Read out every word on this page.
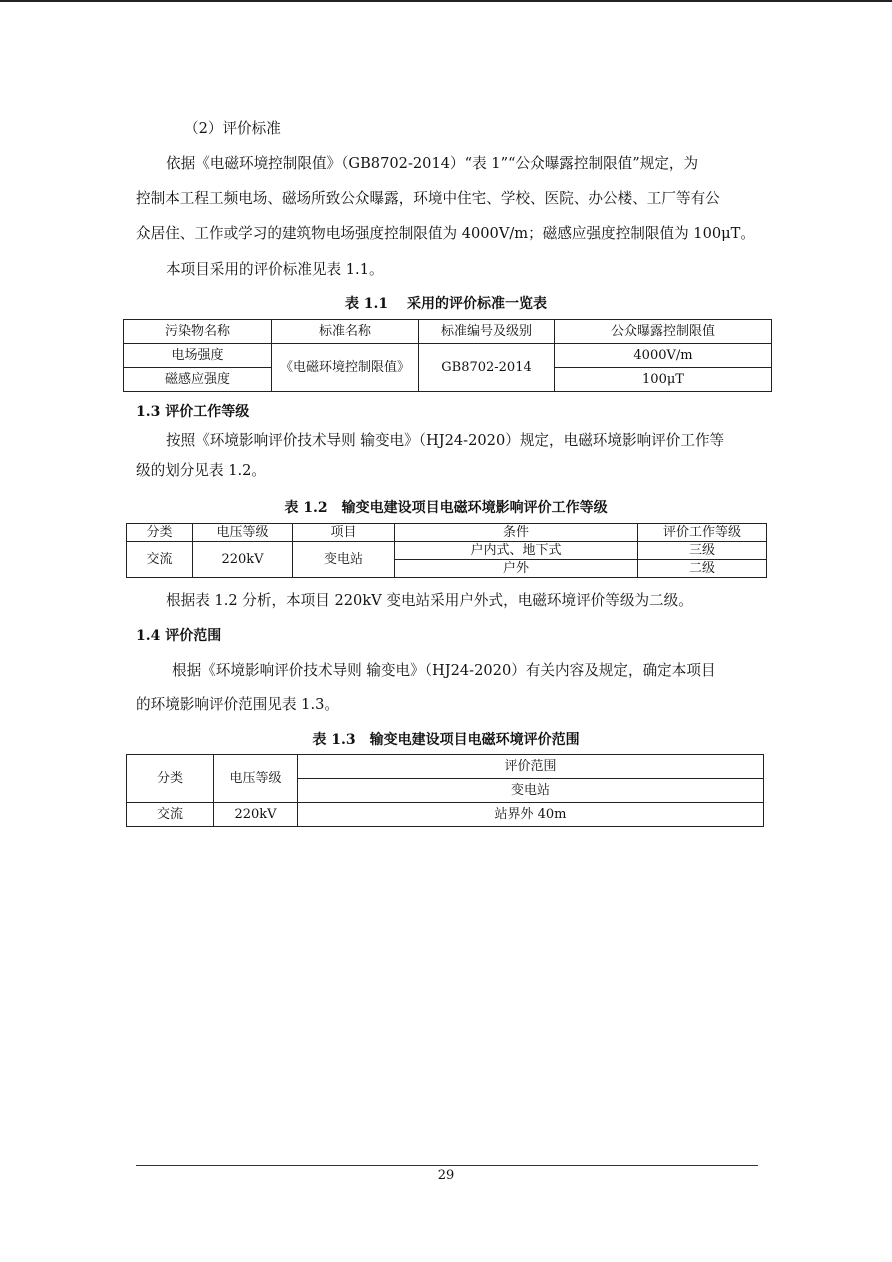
（2）评价标准
依据《电磁环境控制限值》（GB8702-2014）“表 1”“公众曝露控制限值”规定，为
控制本工程工频电场、磁场所致公众曝露，环境中住宅、学校、医院、办公楼、工厂等有公
众居住、工作或学习的建筑物电场强度控制限值为 4000V/m；磁感应强度控制限值为 100μT。
本项目采用的评价标准见表 1.1。
表 1.1　 采用的评价标准一览表
污染物名称	标准名称	标准编号及级别	公众曝露控制限值
电场强度	《电磁环境控制限值》	GB8702-2014	4000V/m
磁感应强度			100μT
1.3 评价工作等级
按照《环境影响评价技术导则 输变电》（HJ24-2020）规定，电磁环境影响评价工作等
级的划分见表 1.2。
表 1.2　输变电建设项目电磁环境影响评价工作等级
分类	电压等级	项目	条件	评价工作等级
交流	220kV	变电站	户内式、地下式	三级
			户外	二级
根据表 1.2 分析，本项目 220kV 变电站采用户外式，电磁环境评价等级为二级。
1.4 评价范围
根据《环境影响评价技术导则 输变电》（HJ24-2020）有关内容及规定，确定本项目
的环境影响评价范围见表 1.3。
表 1.3　输变电建设项目电磁环境评价范围
分类	电压等级	评价范围
		变电站
交流	220kV	站界外 40m
29
